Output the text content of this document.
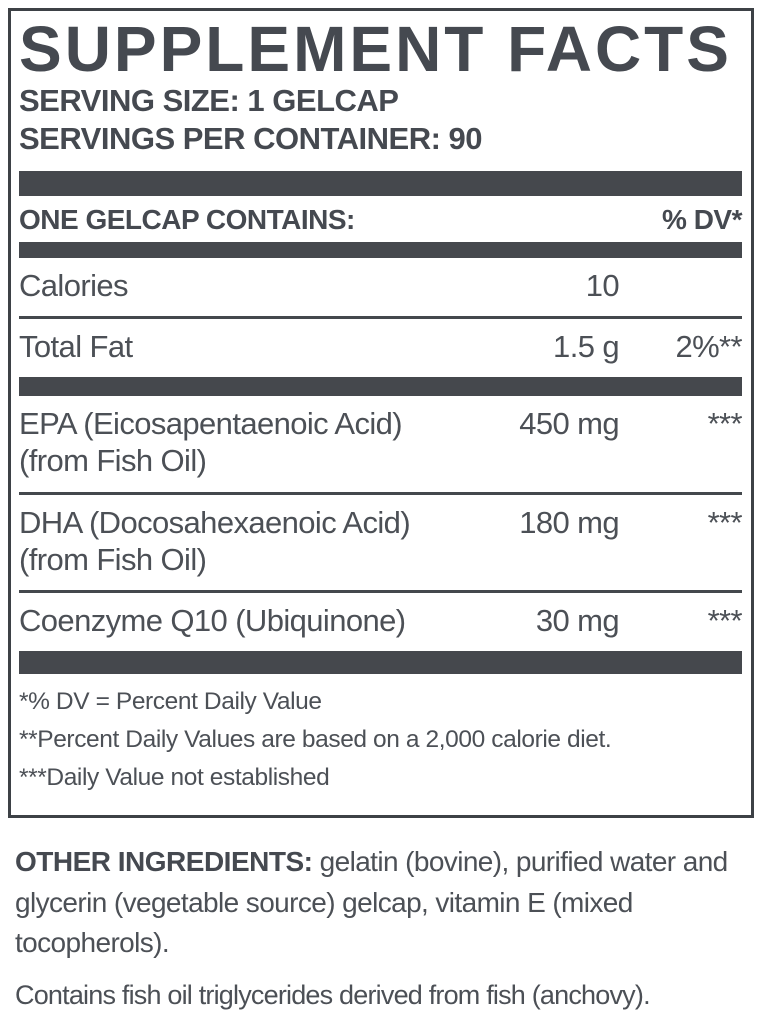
SUPPLEMENT FACTS
SERVING SIZE: 1 GELCAP
SERVINGS PER CONTAINER: 90
ONE GELCAP CONTAINS:	% DV*
Calories	10
Total Fat	1.5 g	2%**
EPA (Eicosapentaenoic Acid)
(from Fish Oil)
450 mg	***
DHA (Docosahexaenoic Acid)
(from Fish Oil)
180 mg	***
Coenzyme Q10 (Ubiquinone)	30 mg	***
*% DV = Percent Daily Value
**Percent Daily Values are based on a 2,000 calorie diet.
***Daily Value not established
OTHER INGREDIENTS: gelatin (bovine), purified water and glycerin (vegetable source) gelcap, vitamin E (mixed tocopherols).
Contains fish oil triglycerides derived from fish (anchovy).
